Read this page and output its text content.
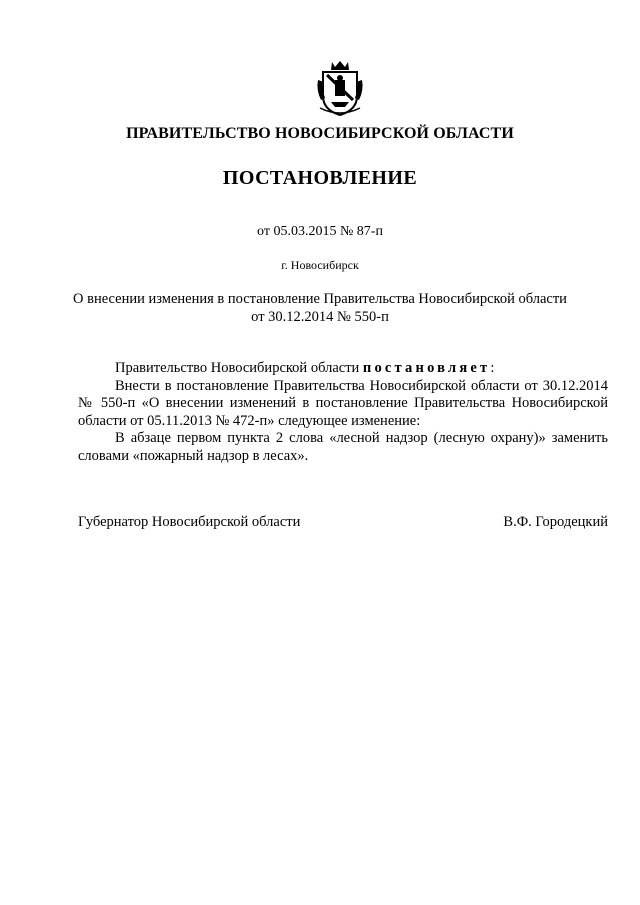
ПРАВИТЕЛЬСТВО НОВОСИБИРСКОЙ ОБЛАСТИ
ПОСТАНОВЛЕНИЕ
от 05.03.2015 № 87-п
г. Новосибирск
О внесении изменения в постановление Правительства Новосибирской области
от 30.12.2014 № 550-п

Правительство Новосибирской области постановляет:

Внести в постановление Правительства Новосибирской области от 30.12.2014 № 550-п «О внесении изменений в постановление Правительства Новосибирской области от 05.11.2013 № 472-п» следующее изменение:

В абзаце первом пункта 2 слова «лесной надзор (лесную охрану)» заменить словами «пожарный надзор в лесах».

Губернатор Новосибирской области	В.Ф. Городецкий
